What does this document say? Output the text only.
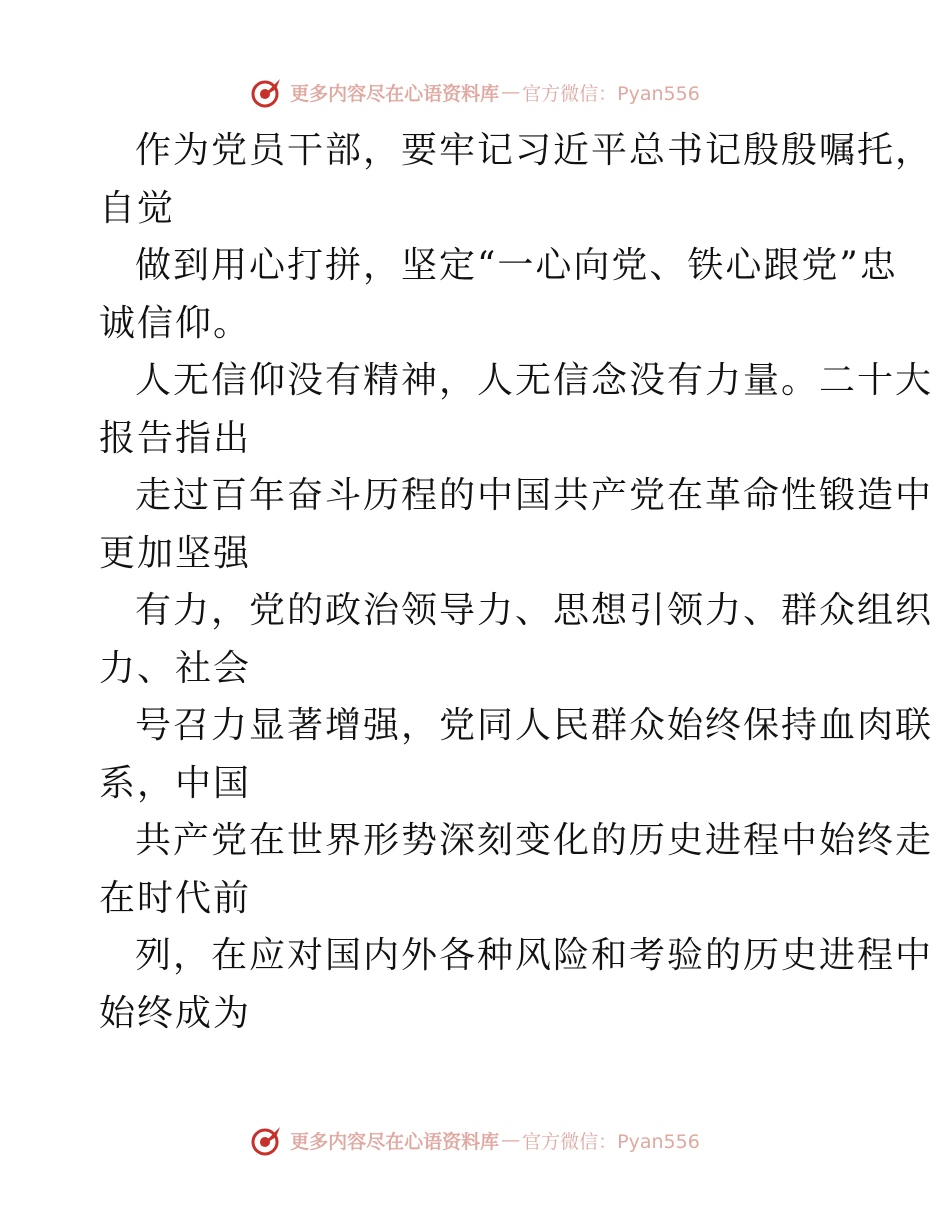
更多内容尽在心语资料库 — 官方微信：Pyan556
作为党员干部，要牢记习近平总书记殷殷嘱托，
自觉
做到用心打拼，坚定“一心向党、铁心跟党”忠
诚信仰。
人无信仰没有精神，人无信念没有力量。二十大
报告指出
走过百年奋斗历程的中国共产党在革命性锻造中
更加坚强
有力，党的政治领导力、思想引领力、群众组织
力、社会
号召力显著增强，党同人民群众始终保持血肉联
系，中国
共产党在世界形势深刻变化的历史进程中始终走
在时代前
列，在应对国内外各种风险和考验的历史进程中
始终成为
更多内容尽在心语资料库 — 官方微信：Pyan556
